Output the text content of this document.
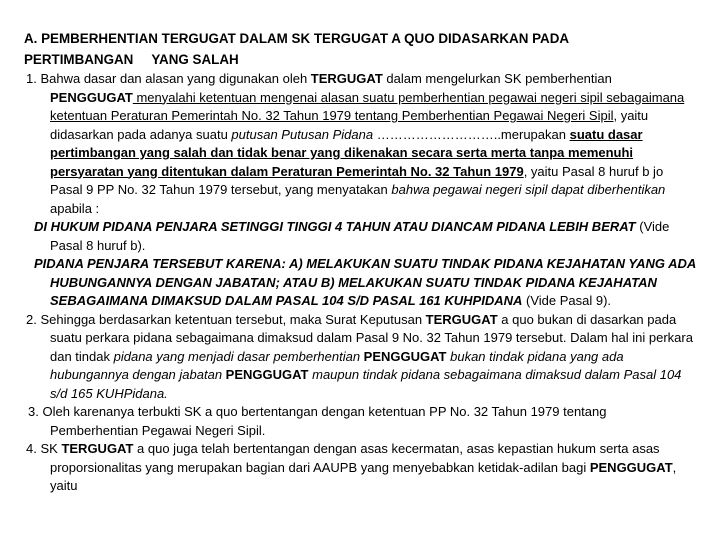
A. PEMBERHENTIAN TERGUGAT DALAM SK TERGUGAT A QUO DIDASARKAN PADA
PERTIMBANGAN YANG SALAH

1. Bahwa dasar dan alasan yang digunakan oleh TERGUGAT dalam mengelurkan SK pemberhentian PENGGUGAT menyalahi ketentuan mengenai alasan suatu pemberhentian pegawai negeri sipil sebagaimana ketentuan Peraturan Pemerintah No. 32 Tahun 1979 tentang Pemberhentian Pegawai Negeri Sipil, yaitu didasarkan pada adanya suatu putusan Putusan Pidana ………………………..merupakan suatu dasar pertimbangan yang salah dan tidak benar yang dikenakan secara serta merta tanpa memenuhi persyaratan yang ditentukan dalam Peraturan Pemerintah No. 32 Tahun 1979, yaitu Pasal 8 huruf b jo Pasal 9 PP No. 32 Tahun 1979 tersebut, yang menyatakan bahwa pegawai negeri sipil dapat diberhentikan apabila :

DI HUKUM PIDANA PENJARA SETINGGI TINGGI 4 TAHUN ATAU DIANCAM PIDANA LEBIH BERAT (Vide Pasal 8 huruf b).

PIDANA PENJARA TERSEBUT KARENA: A) MELAKUKAN SUATU TINDAK PIDANA KEJAHATAN YANG ADA HUBUNGANNYA DENGAN JABATAN; ATAU B) MELAKUKAN SUATU TINDAK PIDANA KEJAHATAN SEBAGAIMANA DIMAKSUD DALAM PASAL 104 S/D PASAL 161 KUHPIDANA (Vide Pasal 9).

2. Sehingga berdasarkan ketentuan tersebut, maka Surat Keputusan TERGUGAT a quo bukan di dasarkan pada suatu perkara pidana sebagaimana dimaksud dalam Pasal 9 No. 32 Tahun 1979 tersebut. Dalam hal ini perkara dan tindak pidana yang menjadi dasar pemberhentian PENGGUGAT bukan tindak pidana yang ada hubungannya dengan jabatan PENGGUGAT maupun tindak pidana sebagaimana dimaksud dalam Pasal 104 s/d 165 KUHPidana.

3. Oleh karenanya terbukti SK a quo bertentangan dengan ketentuan PP No. 32 Tahun 1979 tentang Pemberhentian Pegawai Negeri Sipil.

4. SK TERGUGAT a quo juga telah bertentangan dengan asas kecermatan, asas kepastian hukum serta asas proporsionalitas yang merupakan bagian dari AAUPB yang menyebabkan ketidak-adilan bagi PENGGUGAT, yaitu
